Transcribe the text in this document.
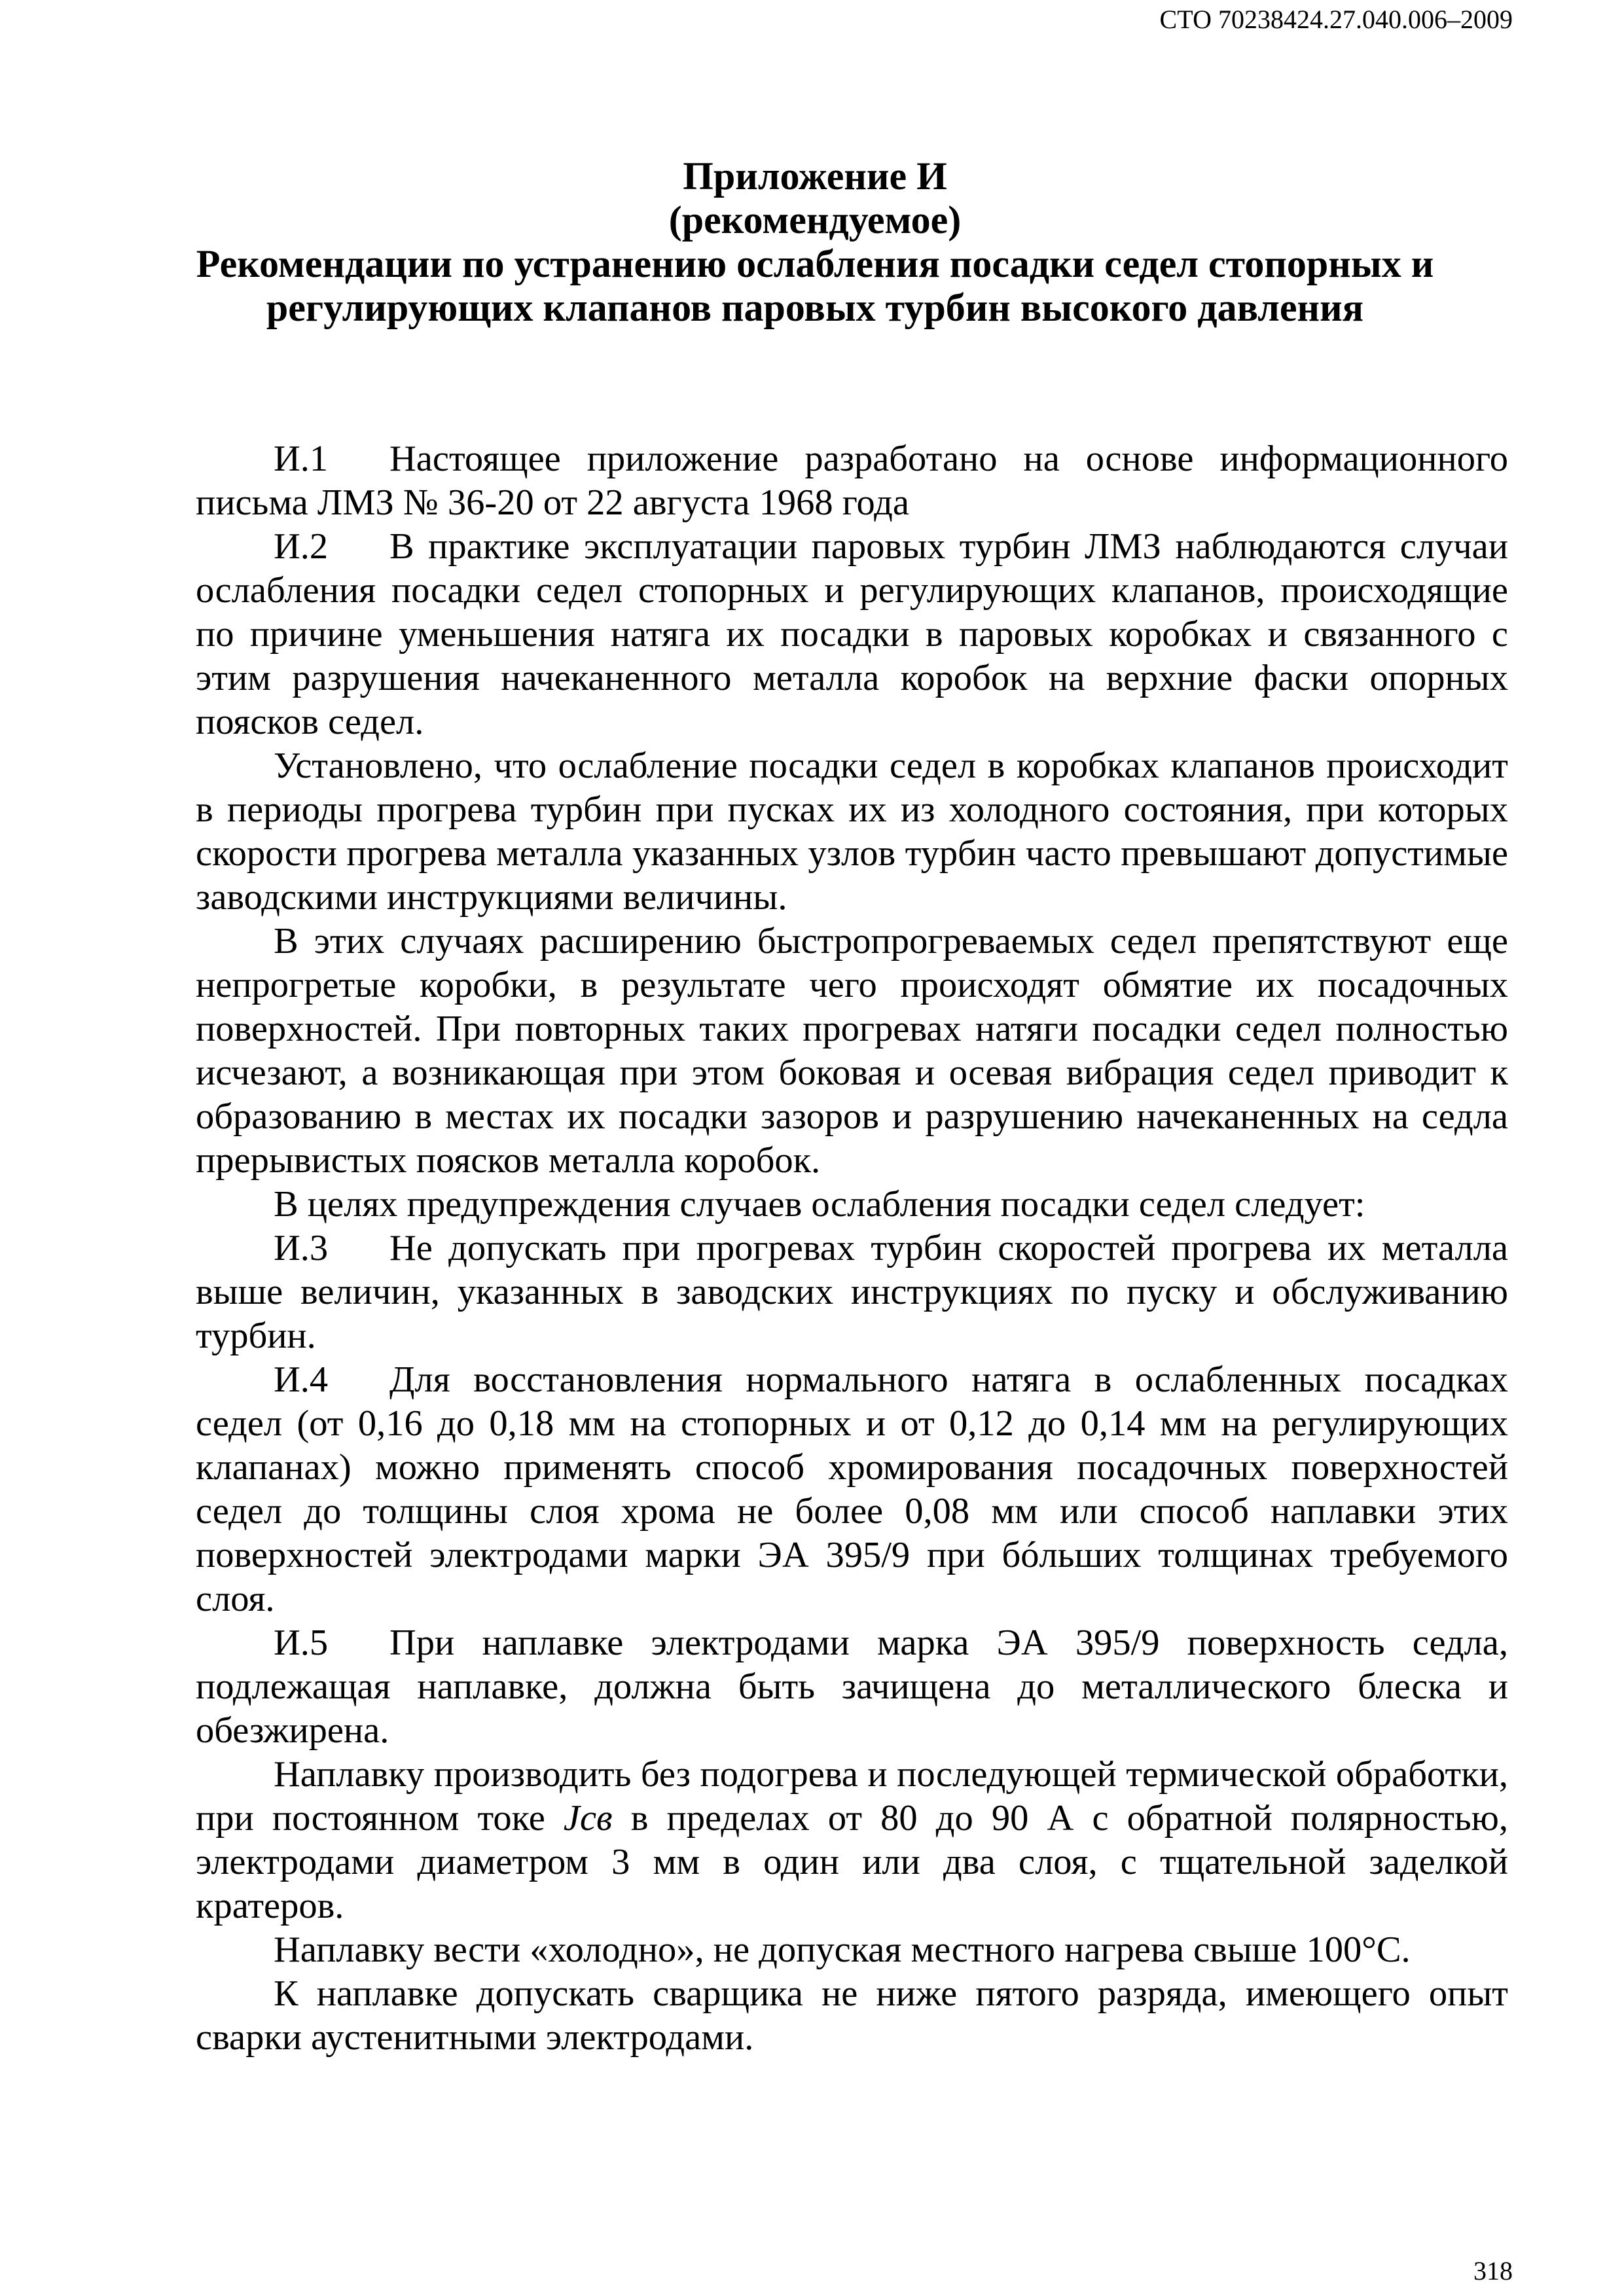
СТО 70238424.27.040.006–2009
Приложение И
(рекомендуемое)
Рекомендации по устранению ослабления посадки седел стопорных и регулирующих клапанов паровых турбин высокого давления

И.1 Настоящее приложение разработано на основе информационного письма ЛМЗ № 36-20 от 22 августа 1968 года

И.2 В практике эксплуатации паровых турбин ЛМЗ наблюдаются случаи ослабления посадки седел стопорных и регулирующих клапанов, происходящие по причине уменьшения натяга их посадки в паровых коробках и связанного с этим разрушения начеканенного металла коробок на верхние фаски опорных поясков седел.

Установлено, что ослабление посадки седел в коробках клапанов происходит в периоды прогрева турбин при пусках их из холодного состояния, при которых скорости прогрева металла указанных узлов турбин часто превышают допустимые заводскими инструкциями величины.

В этих случаях расширению быстропрогреваемых седел препятствуют еще непрогретые коробки, в результате чего происходят обмятие их посадочных поверхностей. При повторных таких прогревах натяги посадки седел полностью исчезают, а возникающая при этом боковая и осевая вибрация седел приводит к образованию в местах их посадки зазоров и разрушению начеканенных на седла прерывистых поясков металла коробок.

В целях предупреждения случаев ослабления посадки седел следует:

И.3 Не допускать при прогревах турбин скоростей прогрева их металла выше величин, указанных в заводских инструкциях по пуску и обслуживанию турбин.

И.4 Для восстановления нормального натяга в ослабленных посадках седел (от 0,16 до 0,18 мм на стопорных и от 0,12 до 0,14 мм на регулирующих клапанах) можно применять способ хромирования посадочных поверхностей седел до толщины слоя хрома не более 0,08 мм или способ наплавки этих поверхностей электродами марки ЭА 395/9 при бóльших толщинах требуемого слоя.

И.5 При наплавке электродами марка ЭА 395/9 поверхность седла, подлежащая наплавке, должна быть зачищена до металлического блеска и обезжирена.

Наплавку производить без подогрева и последующей термической обработки, при постоянном токе Jсв в пределах от 80 до 90 А с обратной полярностью, электродами диаметром 3 мм в один или два слоя, с тщательной заделкой кратеров.

Наплавку вести «холодно», не допуская местного нагрева свыше 100°С.

К наплавке допускать сварщика не ниже пятого разряда, имеющего опыт сварки аустенитными электродами.

318
